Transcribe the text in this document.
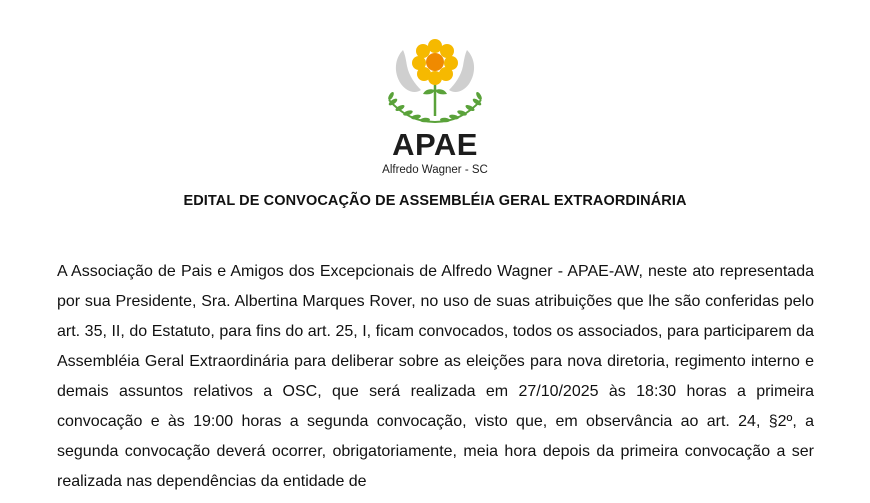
APAE
Alfredo Wagner - SC
EDITAL DE CONVOCAÇÃO DE ASSEMBLÉIA GERAL EXTRAORDINÁRIA

A Associação de Pais e Amigos dos Excepcionais de Alfredo Wagner - APAE-AW, neste ato representada por sua Presidente, Sra. Albertina Marques Rover, no uso de suas atribuições que lhe são conferidas pelo art. 35, II, do Estatuto, para fins do art. 25, I, ficam convocados, todos os associados, para participarem da Assembléia Geral Extraordinária para deliberar sobre as eleições para nova diretoria, regimento interno e demais assuntos relativos a OSC, que será realizada em 27/10/2025 às 18:30 horas a primeira convocação e às 19:00 horas a segunda convocação, visto que, em observância ao art. 24, §2º, a segunda convocação deverá ocorrer, obrigatoriamente, meia hora depois da primeira convocação a ser realizada nas dependências da entidade de
